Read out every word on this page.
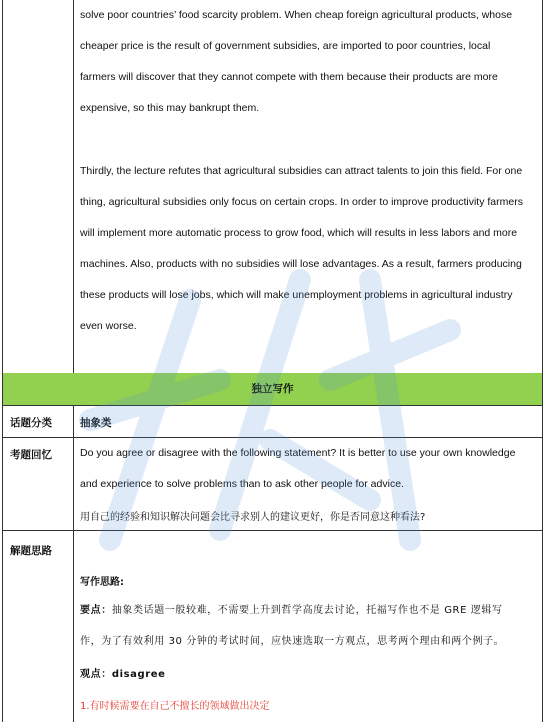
solve poor countries’ food scarcity problem. When cheap foreign agricultural products, whose
cheaper price is the result of government subsidies, are imported to poor countries, local
farmers will discover that they cannot compete with them because their products are more
expensive, so this may bankrupt them.
Thirdly, the lecture refutes that agricultural subsidies can attract talents to join this field. For one
thing, agricultural subsidies only focus on certain crops. In order to improve productivity farmers
will implement more automatic process to grow food, which will results in less labors and more
machines. Also, products with no subsidies will lose advantages. As a result, farmers producing
these products will lose jobs, which will make unemployment problems in agricultural industry
even worse.
独立写作
话题分类	抽象类
考题回忆	Do you agree or disagree with the following statement? It is better to use your own knowledge
and experience to solve problems than to ask other people for advice.
用自己的经验和知识解决问题会比寻求别人的建议更好，你是否同意这种看法?
解题思路
写作思路:
要点：抽象类话题一般较难，不需要上升到哲学高度去讨论，托福写作也不是 GRE 逻辑写
作，为了有效利用 30 分钟的考试时间，应快速选取一方观点，思考两个理由和两个例子。
观点：disagree
1.有时候需要在自己不擅长的领域做出决定
